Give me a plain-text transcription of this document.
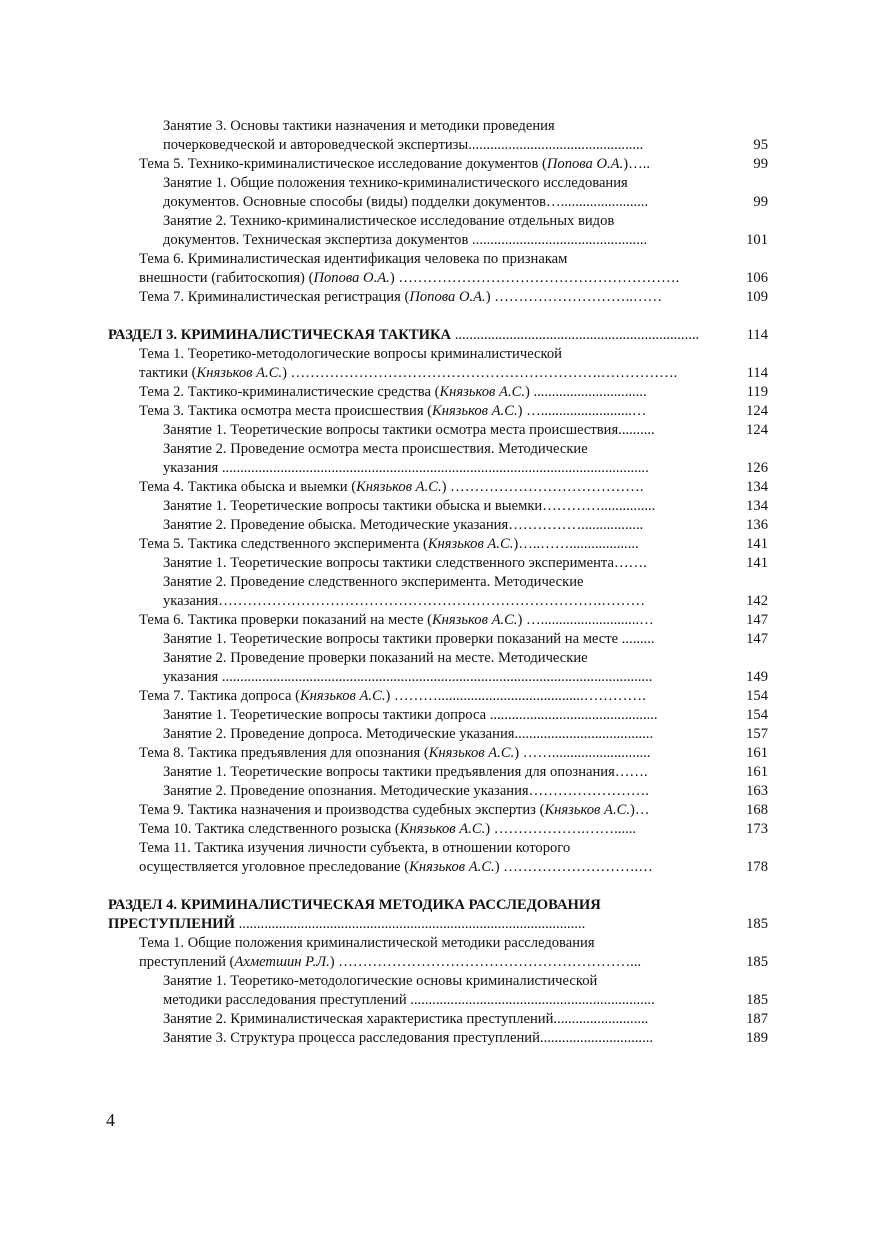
Занятие 3. Основы тактики назначения и методики проведения
почерковедческой и автороведческой экспертизы................................................	95
Тема 5. Технико-криминалистическое исследование документов (Попова О.А.)…..	99
Занятие 1. Общие положения технико-криминалистического исследования
документов. Основные способы (виды) подделки документов…........................	99
Занятие 2. Технико-криминалистическое исследование отдельных видов
документов. Техническая экспертиза документов ................................................	101
Тема 6. Криминалистическая идентификация человека по признакам
внешности (габитоскопия) (Попова О.А.) ………………………………………………….	106
Тема 7. Криминалистическая регистрация (Попова О.А.) ………………………..……	109
РАЗДЕЛ 3. КРИМИНАЛИСТИЧЕСКАЯ ТАКТИКА ...................................................................	114
Тема 1. Теоретико-методологические вопросы криминалистической
тактики (Князьков А.С.) ……………………………………………………….…………….	114
Тема 2. Тактико-криминалистические средства (Князьков А.С.) ...............................	119
Тема 3. Тактика осмотра места происшествия (Князьков А.С.) ….........................…	124
Занятие 1. Теоретические вопросы тактики осмотра места происшествия..........	124
Занятие 2. Проведение осмотра места происшествия. Методические
указания .....................................................................................................................	126
Тема 4. Тактика обыска и выемки (Князьков А.С.) ………………………………….	134
Занятие 1. Теоретические вопросы тактики обыска и выемки…………...............	134
Занятие 2. Проведение обыска. Методические указания…………….................	136
Тема 5. Тактика следственного эксперимента (Князьков А.С.)…..……...................	141
Занятие 1. Теоретические вопросы тактики следственного эксперимента…….	141
Занятие 2. Проведение следственного эксперимента. Методические
указания…………………………………………………………………….………	142
Тема 6. Тактика проверки показаний на месте (Князьков А.С.) …...........................…	147
Занятие 1. Теоретические вопросы тактики проверки показаний на месте .........	147
Занятие 2. Проведение проверки показаний на месте. Методические
указания ......................................................................................................................	149
Тема 7. Тактика допроса (Князьков А.С.) ………........................................………….	154
Занятие 1. Теоретические вопросы тактики допроса ..............................................	154
Занятие 2. Проведение допроса. Методические указания......................................	157
Тема 8. Тактика предъявления для опознания (Князьков А.С.) ……...........................	161
Занятие 1. Теоретические вопросы тактики предъявления для опознания…….	161
Занятие 2. Проведение опознания. Методические указания…………………….	163
Тема 9. Тактика назначения и производства судебных экспертиз (Князьков А.С.)…	168
Тема 10. Тактика следственного розыска (Князьков А.С.) ……………….……......	173
Тема 11. Тактика изучения личности субъекта, в отношении которого
осуществляется уголовное преследование (Князьков А.С.) ……………………….…	178
РАЗДЕЛ 4. КРИМИНАЛИСТИЧЕСКАЯ МЕТОДИКА РАССЛЕДОВАНИЯ
ПРЕСТУПЛЕНИЙ ...............................................................................................	185
Тема 1. Общие положения криминалистической методики расследования
преступлений (Ахметшин Р.Л.) ……………………………………………………...	185
Занятие 1. Теоретико-методологические основы криминалистической
методики расследования преступлений ...................................................................	185
Занятие 2. Криминалистическая характеристика преступлений..........................	187
Занятие 3. Структура процесса расследования преступлений...............................	189
4
